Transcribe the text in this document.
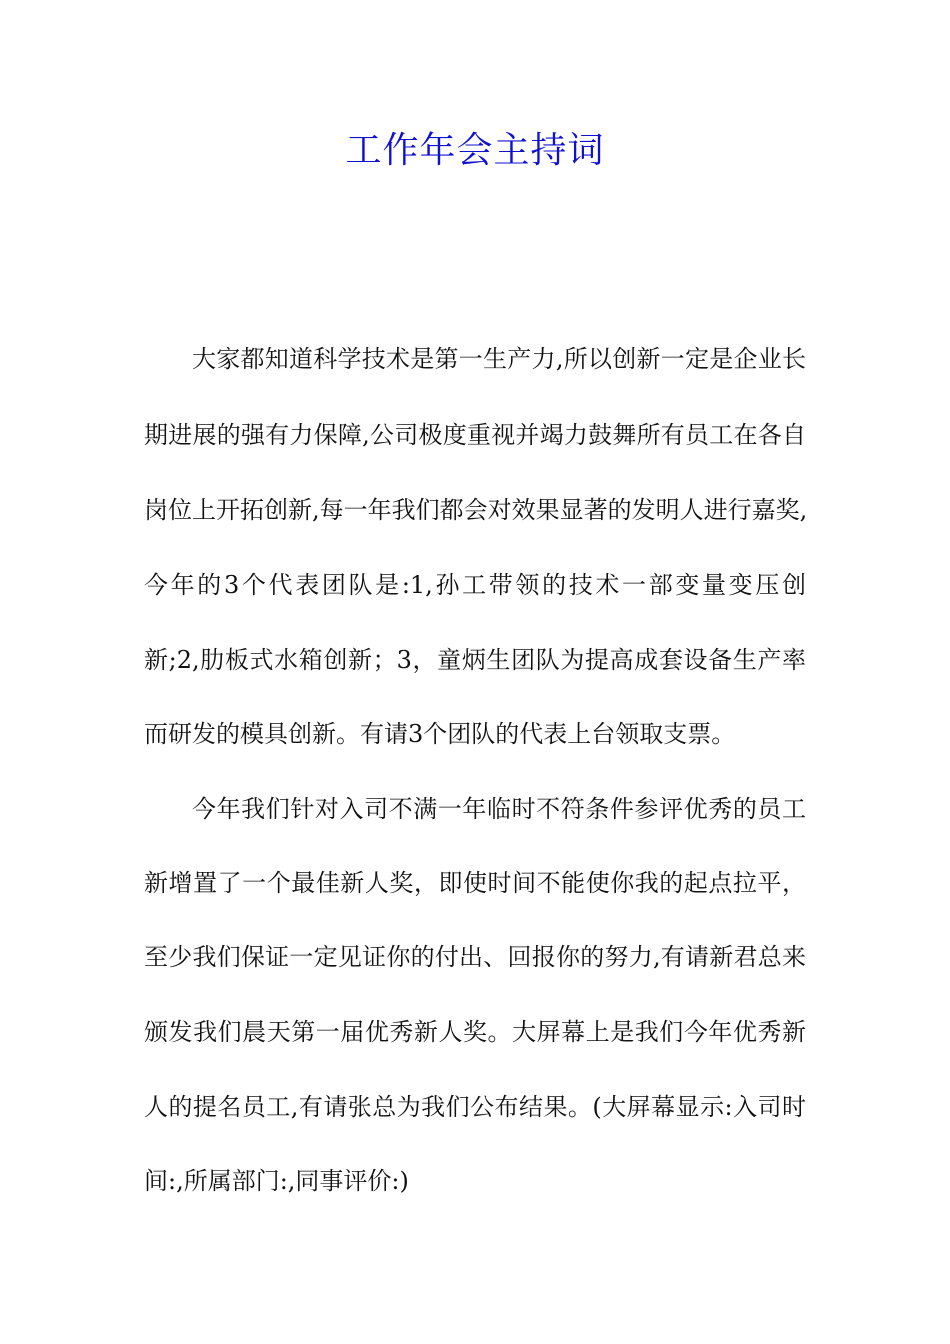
工作年会主持词
大家都知道科学技术是第一生产力,所以创新一定是企业长
期进展的强有力保障,公司极度重视并竭力鼓舞所有员工在各自
岗位上开拓创新,每一年我们都会对效果显著的发明人进行嘉奖,
今年的3个代表团队是:1,孙工带领的技术一部变量变压创
新;2,肋板式水箱创新；3，童炳生团队为提高成套设备生产率
而研发的模具创新。有请3个团队的代表上台领取支票。
今年我们针对入司不满一年临时不符条件参评优秀的员工
新增置了一个最佳新人奖，即使时间不能使你我的起点拉平，
至少我们保证一定见证你的付出、回报你的努力,有请新君总来
颁发我们晨天第一届优秀新人奖。大屏幕上是我们今年优秀新
人的提名员工,有请张总为我们公布结果。(大屏幕显示:入司时
间:,所属部门:,同事评价:)
